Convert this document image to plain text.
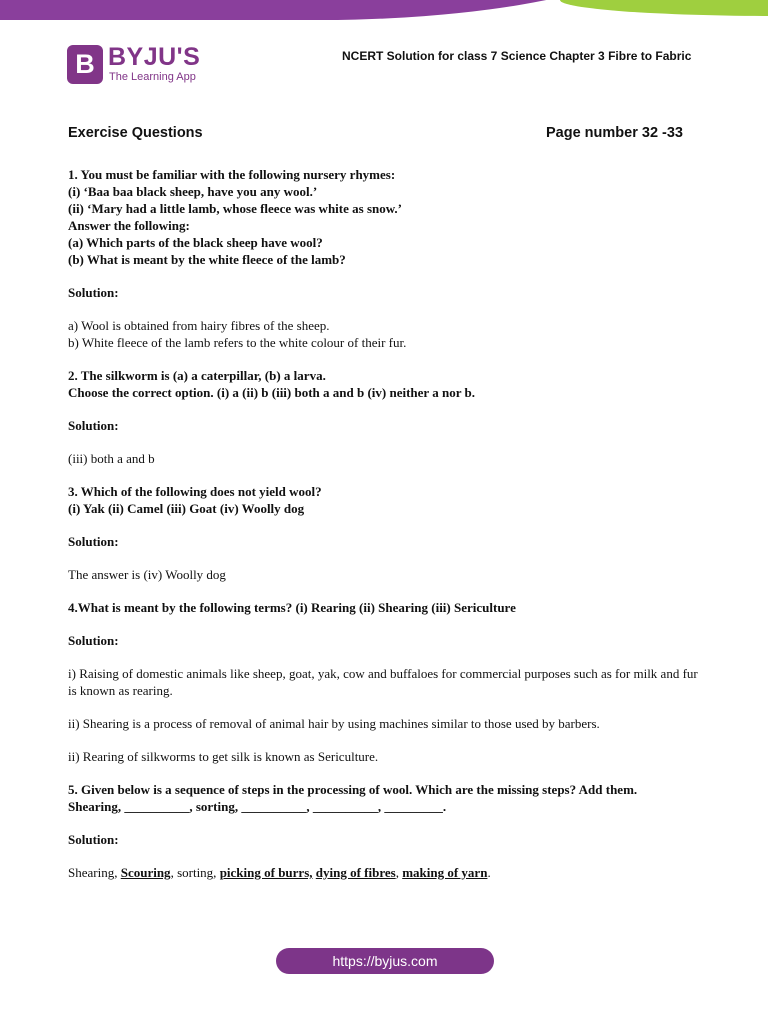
B BYJU'S
The Learning App
NCERT Solution for class 7 Science Chapter 3 Fibre to Fabric
Exercise Questions	Page number 32 -33

1. You must be familiar with the following nursery rhymes:

(i) ‘Baa baa black sheep, have you any wool.’

(ii) ‘Mary had a little lamb, whose fleece was white as snow.’

Answer the following:

(a) Which parts of the black sheep have wool?

(b) What is meant by the white fleece of the lamb?

Solution:

a) Wool is obtained from hairy fibres of the sheep.

b) White fleece of the lamb refers to the white colour of their fur.

2. The silkworm is (a) a caterpillar, (b) a larva.

Choose the correct option. (i) a (ii) b (iii) both a and b (iv) neither a nor b.

Solution:

(iii) both a and b

3. Which of the following does not yield wool?

(i) Yak (ii) Camel (iii) Goat (iv) Woolly dog

Solution:

The answer is (iv) Woolly dog

4.What is meant by the following terms? (i) Rearing (ii) Shearing (iii) Sericulture

Solution:

i) Raising of domestic animals like sheep, goat, yak, cow and buffaloes for commercial purposes such as for milk and fur is known as rearing.

ii) Shearing is a process of removal of animal hair by using machines similar to those used by barbers.

ii) Rearing of silkworms to get silk is known as Sericulture.

5. Given below is a sequence of steps in the processing of wool. Which are the missing steps? Add them.

Shearing, __________, sorting, __________, __________, _________.

Solution:

Shearing, Scouring, sorting, picking of burrs, dying of fibres, making of yarn.

https://byjus.com
